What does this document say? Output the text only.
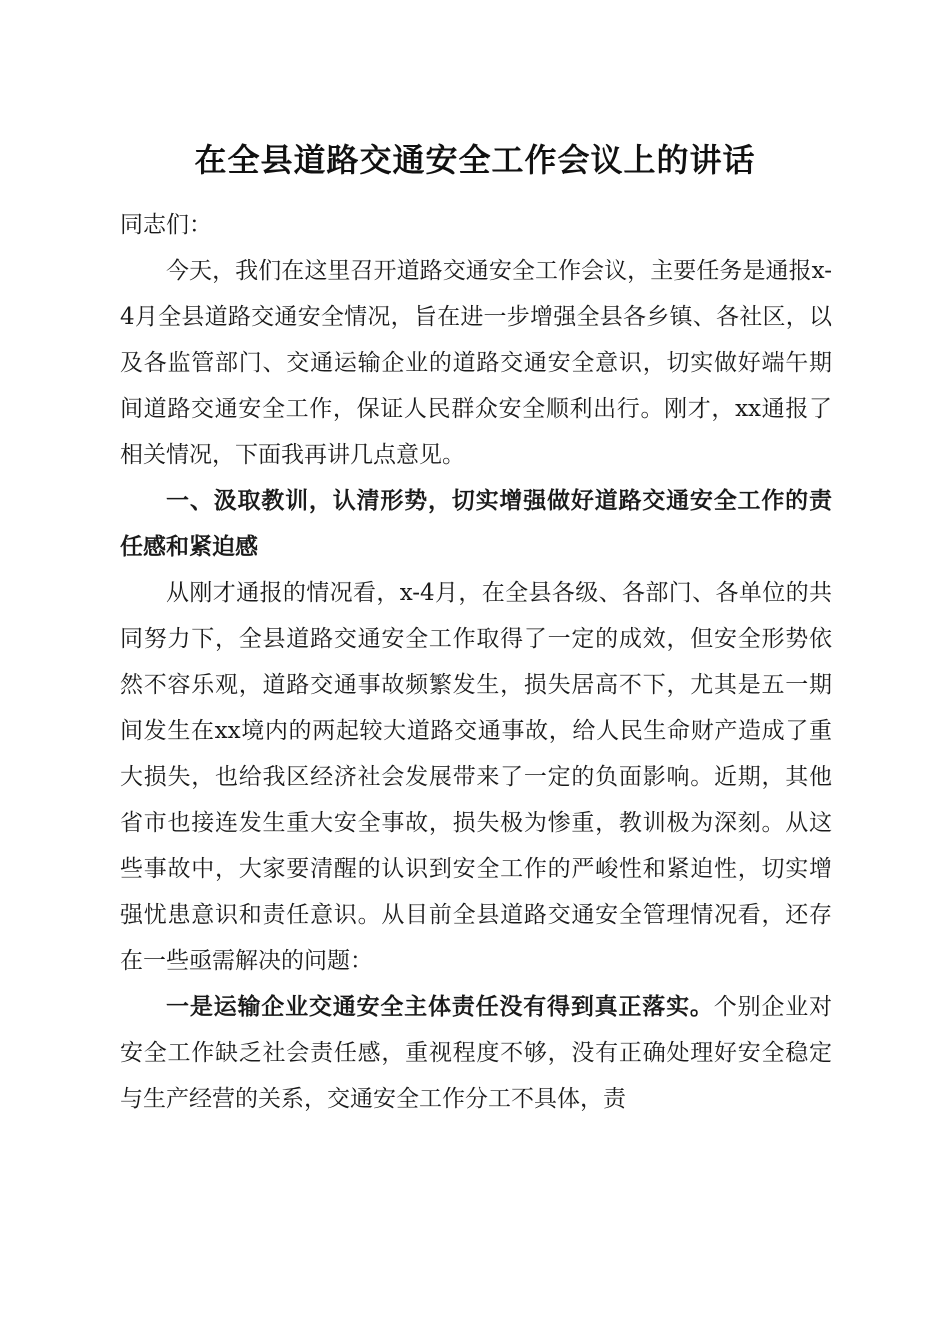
在全县道路交通安全工作会议上的讲话

同志们：

今天，我们在这里召开道路交通安全工作会议，主要任务是通报x-4月全县道路交通安全情况，旨在进一步增强全县各乡镇、各社区，以及各监管部门、交通运输企业的道路交通安全意识，切实做好端午期间道路交通安全工作，保证人民群众安全顺利出行。刚才，xx通报了相关情况，下面我再讲几点意见。

一、汲取教训，认清形势，切实增强做好道路交通安全工作的责任感和紧迫感

从刚才通报的情况看，x-4月，在全县各级、各部门、各单位的共同努力下，全县道路交通安全工作取得了一定的成效，但安全形势依然不容乐观，道路交通事故频繁发生，损失居高不下，尤其是五一期间发生在xx境内的两起较大道路交通事故，给人民生命财产造成了重大损失，也给我区经济社会发展带来了一定的负面影响。近期，其他省市也接连发生重大安全事故，损失极为惨重，教训极为深刻。从这些事故中，大家要清醒的认识到安全工作的严峻性和紧迫性，切实增强忧患意识和责任意识。从目前全县道路交通安全管理情况看，还存在一些亟需解决的问题：

一是运输企业交通安全主体责任没有得到真正落实。个别企业对安全工作缺乏社会责任感，重视程度不够，没有正确处理好安全稳定与生产经营的关系，交通安全工作分工不具体，责
